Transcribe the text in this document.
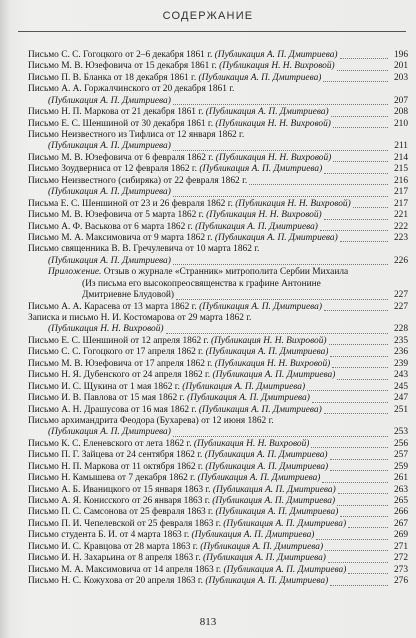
СОДЕРЖАНИЕ
Письмо С. С. Гогоцкого от 2–6 декабря 1861 г. (Публикация А. П. Дмитриева)	196
Письмо М. В. Юзефовича от 15 декабря 1861 г. (Публикация Н. Н. Вихровой)	201
Письмо П. В. Бланка от 18 декабря 1861 г. (Публикация А. П. Дмитриева)	203
Письмо А. А. Горжалчинского от 20 декабря 1861 г.
(Публикация А. П. Дмитриева)	207
Письмо Н. П. Маркова от 21 декабря 1861 г. (Публикация А. П. Дмитриева)	208
Письмо Е. С. Шеншиной от 30 декабря 1861 г. (Публикация Н. Н. Вихровой)	210
Письмо Неизвестного из Тифлиса от 12 января 1862 г.
(Публикация А. П. Дмитриева)	211
Письмо М. В. Юзефовича от 6 февраля 1862 г. (Публикация Н. Н. Вихровой)	214
Письмо Зоудверниса от 12 февраля 1862 г. (Публикация А. П. Дмитриева)	215
Письмо Неизвестного (сибиряка) от 22 февраля 1862 г.	216
(Публикация А. П. Дмитриева)	217
Письма Е. С. Шеншиной от 23 и 26 февраля 1862 г. (Публикация Н. Н. Вихровой)	217
Письмо М. В. Юзефовича от 5 марта 1862 г. (Публикация Н. Н. Вихровой)	221
Письмо А. Ф. Васькова от 6 марта 1862 г. (Публикация А. П. Дмитриева)	222
Письмо М. А. Максимовича от 9 марта 1862 г. (Публикация А. П. Дмитриева)	223
Письмо священника В. В. Гречулевича от 10 марта 1862 г.
(Публикация А. П. Дмитриева)	226
Приложение. Отзыв о журнале «Странник» митрополита Сербии Михаила
(Из письма его высокопреосвященства к графине Антонине
Дмитриевне Блудовой)	227
Письмо А. А. Карасева от 13 марта 1862 г. (Публикация А. П. Дмитриева)	227
Записка и письмо Н. И. Костомарова от 29 марта 1862 г.
(Публикация Н. Н. Вихровой)	228
Письмо Е. С. Шеншиной от 12 апреля 1862 г. (Публикация Н. Н. Вихровой)	235
Письмо С. С. Гогоцкого от 17 апреля 1862 г. (Публикация А. П. Дмитриева)	236
Письмо М. В. Юзефовича от 17 апреля 1862 г. (Публикация Н. Н. Вихровой)	239
Письмо Н. Я. Дубенского от 24 апреля 1862 г. (Публикация А. П. Дмитриева)	243
Письмо И. С. Щукина от 1 мая 1862 г. (Публикация А. П. Дмитриева)	245
Письмо И. В. Павлова от 15 мая 1862 г. (Публикация А. П. Дмитриева)	247
Письмо А. Н. Драшусова от 16 мая 1862 г. (Публикация А. П. Дмитриева)	251
Письмо архимандрита Феодора (Бухарева) от 12 июня 1862 г.
(Публикация А. П. Дмитриева)	253
Письмо К. С. Еленевского от лета 1862 г. (Публикация Н. Н. Вихровой)	256
Письмо П. Г. Зайцева от 24 сентября 1862 г. (Публикация А. П. Дмитриева)	257
Письмо Н. П. Маркова от 11 октября 1862 г. (Публикация А. П. Дмитриева)	259
Письмо Н. Камышева от 7 декабря 1862 г. (Публикация А. П. Дмитриева)	261
Письмо А. Б. Иваницкого от 15 января 1863 г. (Публикация А. П. Дмитриева)	263
Письмо А. Я. Конисского от 26 января 1863 г. (Публикация А. П. Дмитриева)	265
Письмо П. С. Самсонова от 25 февраля 1863 г. (Публикация А. П. Дмитриева)	266
Письмо П. И. Чепелевской от 25 февраля 1863 г. (Публикация А. П. Дмитриева)	267
Письмо студента Б. И. от 4 марта 1863 г. (Публикация А. П. Дмитриева)	269
Письмо И. С. Кравцова от 28 марта 1863 г. (Публикация А. П. Дмитриева)	271
Письмо И. Н. Захарьина от 8 апреля 1863 г. (Публикация А. П. Дмитриева)	272
Письмо М. А. Максимовича от 14 апреля 1863 г. (Публикация А. П. Дмитриева)	273
Письмо Н. С. Кожухова от 20 апреля 1863 г. (Публикация А. П. Дмитриева)	276
813
